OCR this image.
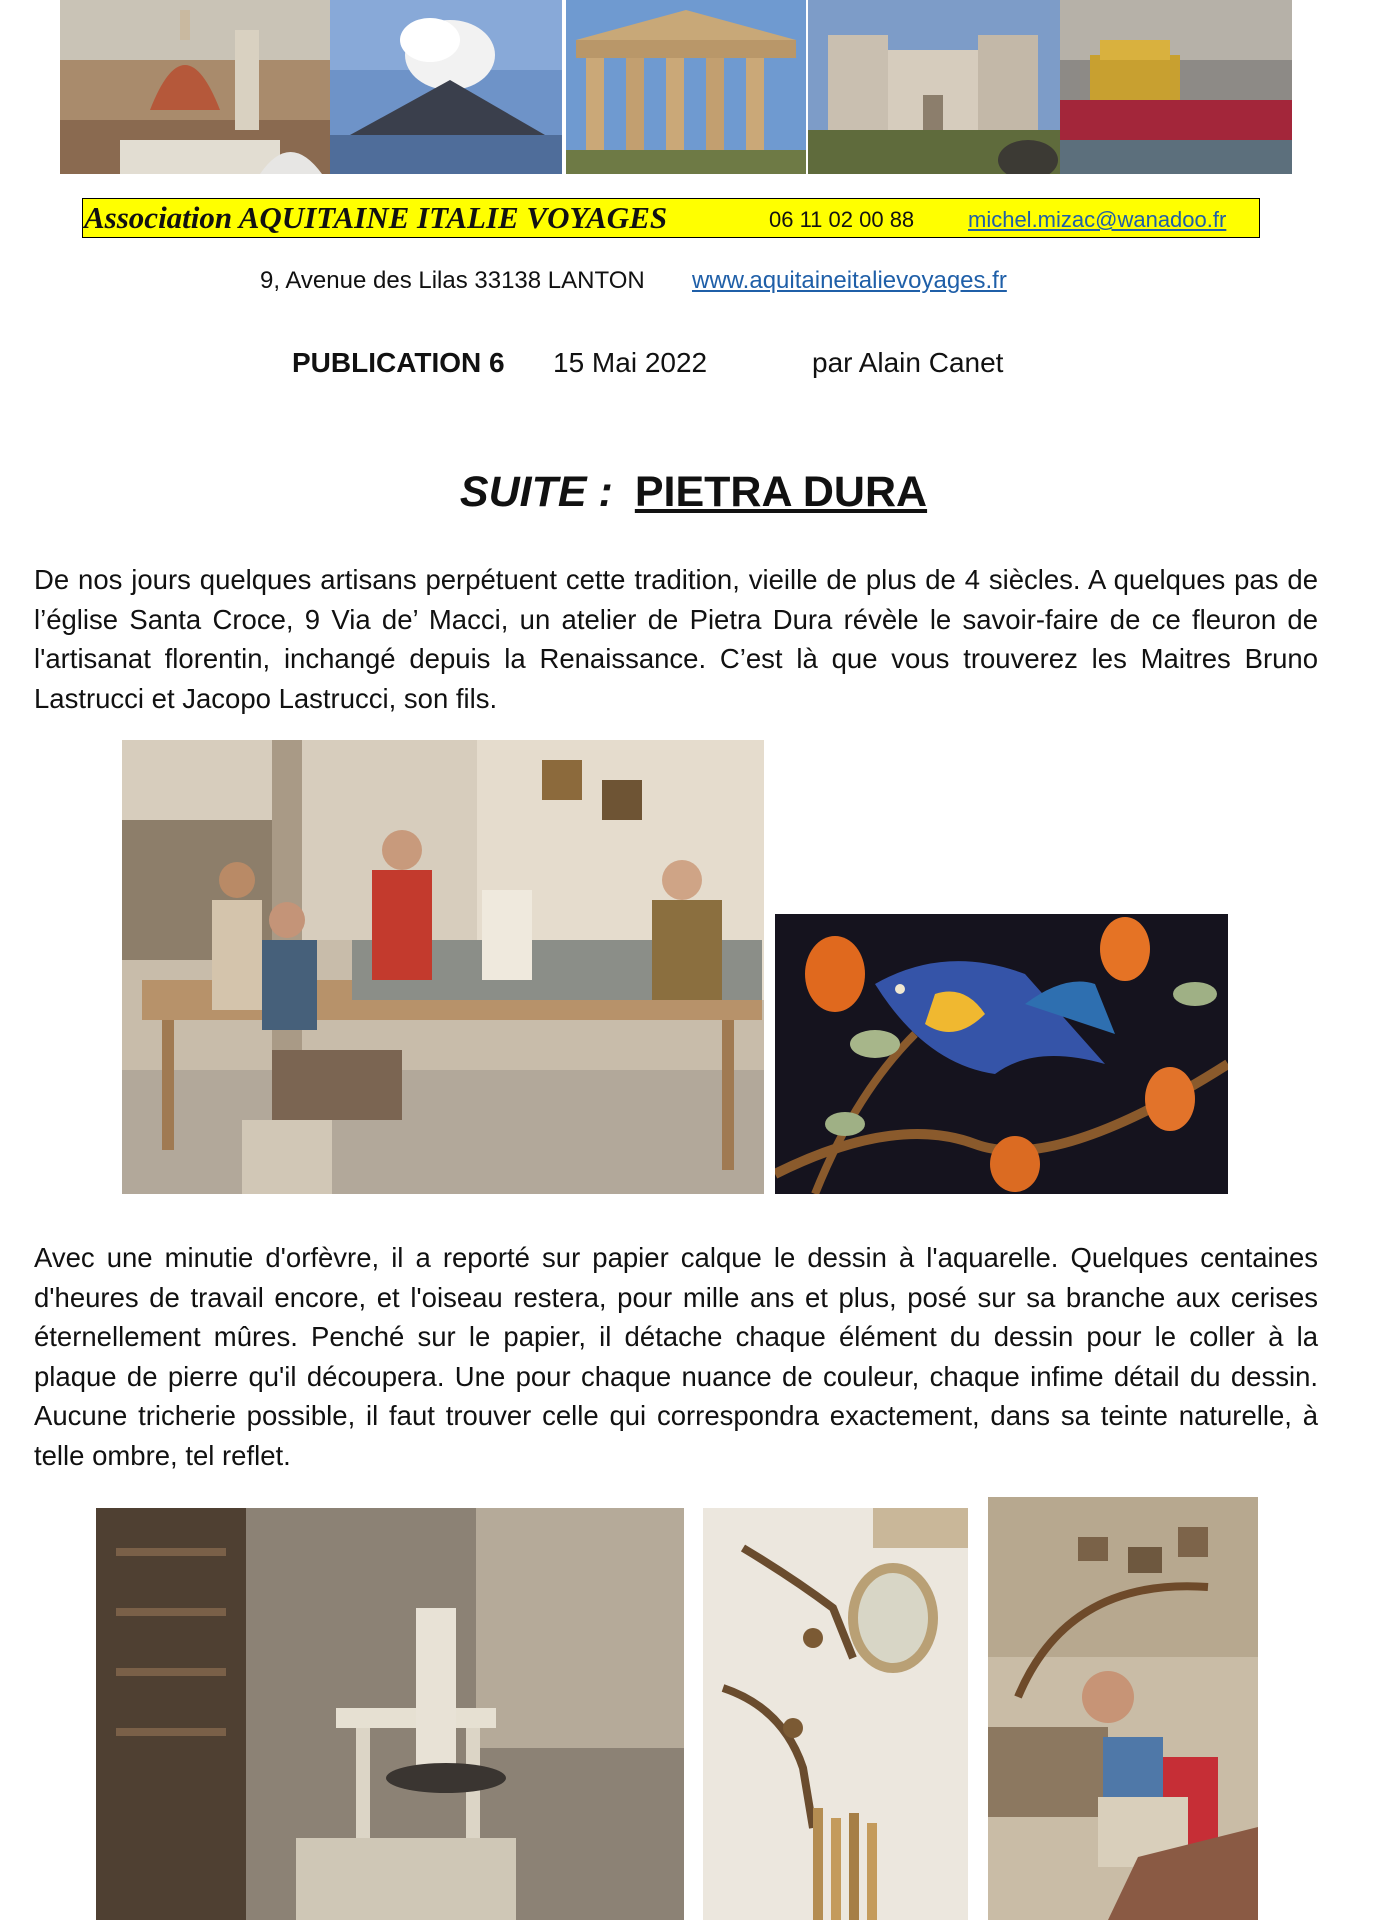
Association AQUITAINE ITALIE VOYAGES	06 11 02 00 88 michel.mizac@wanadoo.fr
9, Avenue des Lilas 33138 LANTON www.aquitaineitalievoyages.fr
PUBLICATION 6 15 Mai 2022	par Alain Canet
SUITE : PIETRA DURA

De nos jours quelques artisans perpétuent cette tradition, vieille de plus de 4 siècles. A quelques pas de l’église Santa Croce, 9 Via de’ Macci, un atelier de Pietra Dura révèle le savoir-faire de ce fleuron de l'artisanat florentin, inchangé depuis la Renaissance. C’est là que vous trouverez les Maitres Bruno Lastrucci et Jacopo Lastrucci, son fils.

Avec une minutie d'orfèvre, il a reporté sur papier calque le dessin à l'aquarelle. Quelques centaines d'heures de travail encore, et l'oiseau restera, pour mille ans et plus, posé sur sa branche aux cerises éternellement mûres. Penché sur le papier, il détache chaque élément du dessin pour le coller à la plaque de pierre qu'il découpera. Une pour chaque nuance de couleur, chaque infime détail du dessin. Aucune tricherie possible, il faut trouver celle qui correspondra exactement, dans sa teinte naturelle, à telle ombre, tel reflet.
